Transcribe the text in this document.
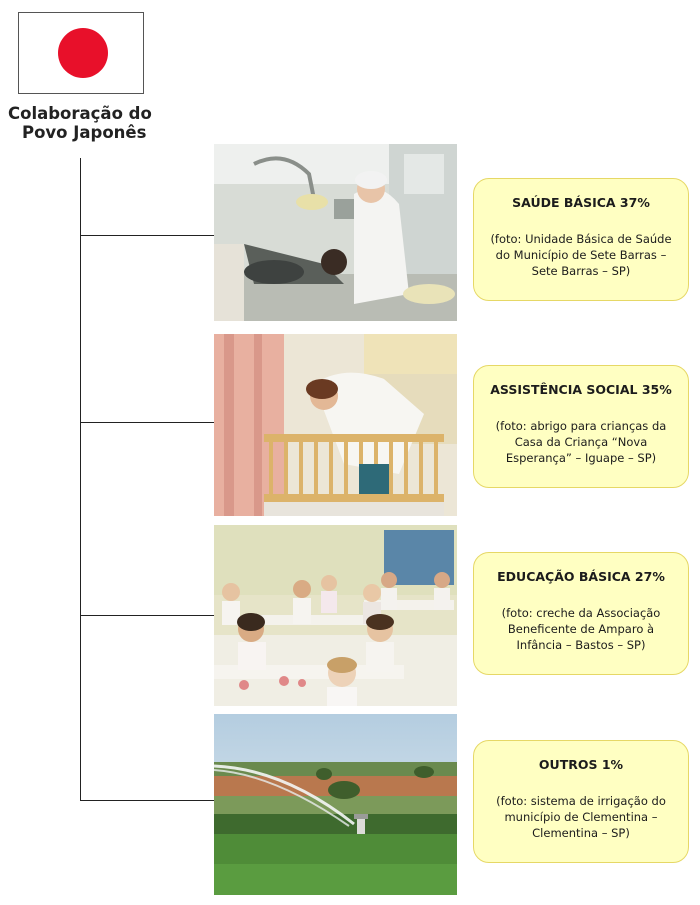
Colaboração do
Povo Japonês
SAÚDE BÁSICA 37%
(foto: Unidade Básica de Saúde do Município de Sete Barras – Sete Barras – SP)
ASSISTÊNCIA SOCIAL 35%
(foto: abrigo para crianças da Casa da Criança “Nova Esperança” – Iguape – SP)
EDUCAÇÃO BÁSICA 27%
(foto: creche da Associação Beneficente de Amparo à Infância – Bastos – SP)
OUTROS 1%
(foto: sistema de irrigação do município de Clementina – Clementina – SP)
